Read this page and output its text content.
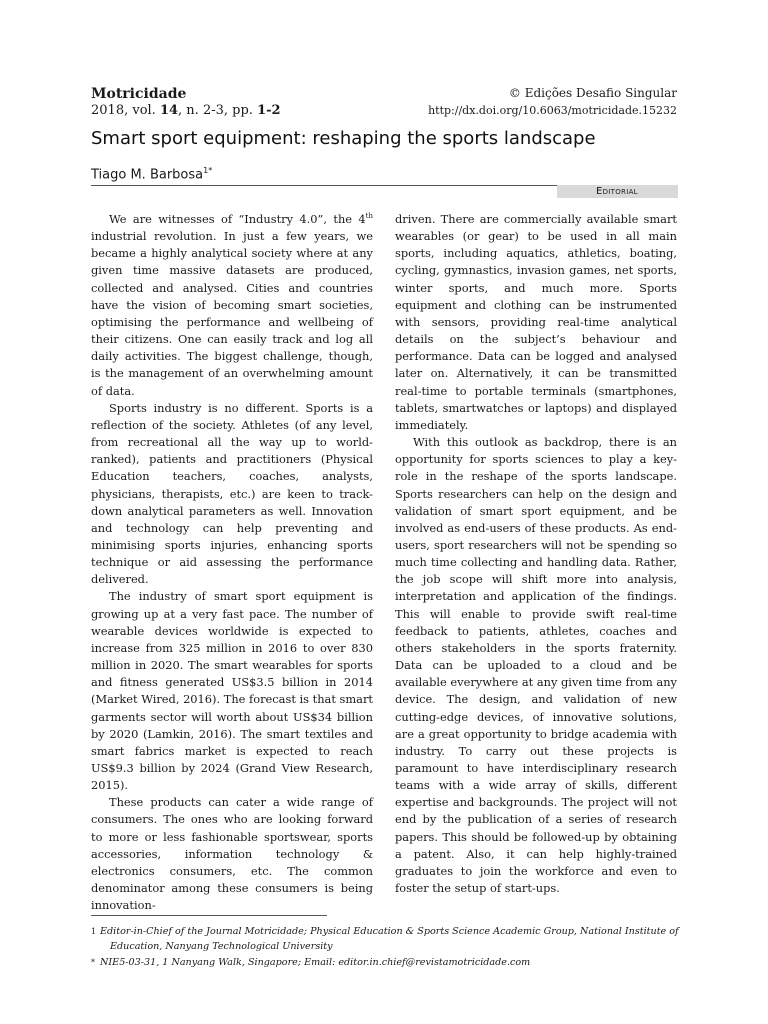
Motricidade
2018, vol. 14, n. 2-3, pp. 1-2
© Edições Desafio Singular
http://dx.doi.org/10.6063/motricidade.15232
Smart sport equipment: reshaping the sports landscape
Tiago M. Barbosa$^{1*}$
Editorial

We are witnesses of “Industry 4.0”, the 4th industrial revolution. In just a few years, we became a highly analytical society where at any given time massive datasets are produced, collected and analysed. Cities and countries have the vision of becoming smart societies, optimising the performance and wellbeing of their citizens. One can easily track and log all daily activities. The biggest challenge, though, is the management of an overwhelming amount of data.

Sports industry is no different. Sports is a reflection of the society. Athletes (of any level, from recreational all the way up to world-ranked), patients and practitioners (Physical Education teachers, coaches, analysts, physicians, therapists, etc.) are keen to track-down analytical parameters as well. Innovation and technology can help preventing and minimising sports injuries, enhancing sports technique or aid assessing the performance delivered.

The industry of smart sport equipment is growing up at a very fast pace. The number of wearable devices worldwide is expected to increase from 325 million in 2016 to over 830 million in 2020. The smart wearables for sports and fitness generated US$3.5 billion in 2014 (Market Wired, 2016). The forecast is that smart garments sector will worth about US$34 billion by 2020 (Lamkin, 2016). The smart textiles and smart fabrics market is expected to reach US$9.3 billion by 2024 (Grand View Research, 2015).

These products can cater a wide range of consumers. The ones who are looking forward to more or less fashionable sportswear, sports accessories, information technology & electronics consumers, etc. The common denominator among these consumers is being innovation-

driven. There are commercially available smart wearables (or gear) to be used in all main sports, including aquatics, athletics, boating, cycling, gymnastics, invasion games, net sports, winter sports, and much more. Sports equipment and clothing can be instrumented with sensors, providing real-time analytical details on the subject’s behaviour and performance. Data can be logged and analysed later on. Alternatively, it can be transmitted real-time to portable terminals (smartphones, tablets, smartwatches or laptops) and displayed immediately.

With this outlook as backdrop, there is an opportunity for sports sciences to play a key-role in the reshape of the sports landscape. Sports researchers can help on the design and validation of smart sport equipment, and be involved as end-users of these products. As end-users, sport researchers will not be spending so much time collecting and handling data. Rather, the job scope will shift more into analysis, interpretation and application of the findings. This will enable to provide swift real-time feedback to patients, athletes, coaches and others stakeholders in the sports fraternity. Data can be uploaded to a cloud and be available everywhere at any given time from any device. The design, and validation of new cutting-edge devices, of innovative solutions, are a great opportunity to bridge academia with industry. To carry out these projects is paramount to have interdisciplinary research teams with a wide array of skills, different expertise and backgrounds. The project will not end by the publication of a series of research papers. This should be followed-up by obtaining a patent. Also, it can help highly-trained graduates to join the workforce and even to foster the setup of start-ups.

1 Editor-in-Chief of the Journal Motricidade; Physical Education & Sports Science Academic Group, National Institute of Education, Nanyang Technological University
* NIE5-03-31, 1 Nanyang Walk, Singapore; Email: editor.in.chief@revistamotricidade.com
